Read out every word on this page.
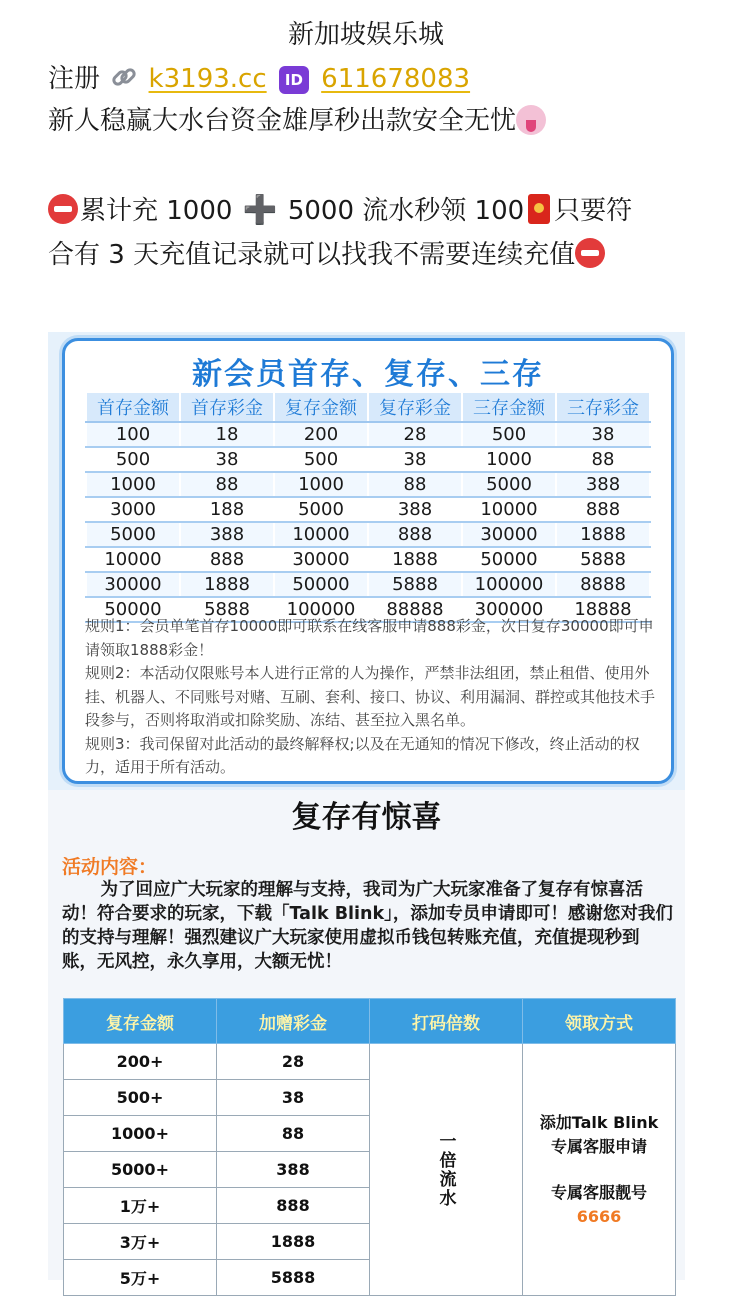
新加坡娱乐城
注册 k3193.cc ID 611678083
新人稳赢大水台资金雄厚秒出款安全无忧
累计充 1000 ➕ 5000 流水秒领 100 只要符
合有 3 天充值记录就可以找我不需要连续充值
新会员首存、复存、三存
首存金额	首存彩金	复存金额	复存彩金	三存金额	三存彩金
100	18	200	28	500	38
500	38	500	38	1000	88
1000	88	1000	88	5000	388
3000	188	5000	388	10000	888
5000	388	10000	888	30000	1888
10000	888	30000	1888	50000	5888
30000	1888	50000	5888	100000	8888
50000	5888	100000	88888	300000	18888
规则1：会员单笔首存10000即可联系在线客服申请888彩金，次日复存30000即可申请领取1888彩金！
规则2：本活动仅限账号本人进行正常的人为操作，严禁非法组团，禁止租借、使用外挂、机器人、不同账号对赌、互刷、套利、接口、协议、利用漏洞、群控或其他技术手段参与，否则将取消或扣除奖励、冻结、甚至拉入黑名单。
规则3：我司保留对此活动的最终解释权;以及在无通知的情况下修改，终止活动的权力，适用于所有活动。
复存有惊喜
活动内容：
为了回应广大玩家的理解与支持，我司为广大玩家准备了复存有惊喜活动！符合要求的玩家，下载「Talk Blink」，添加专员申请即可！感谢您对我们的支持与理解！强烈建议广大玩家使用虚拟币钱包转账充值，充值提现秒到账，无风控，永久享用，大额无忧！
复存金额	加赠彩金	打码倍数	领取方式
200+	28	一倍流水	添加Talk Blink
专属客服申请
专属客服靓号
6666

500+	38		
1000+	88		
5000+	388		
1万+	888		
3万+	1888		
5万+	5888		
